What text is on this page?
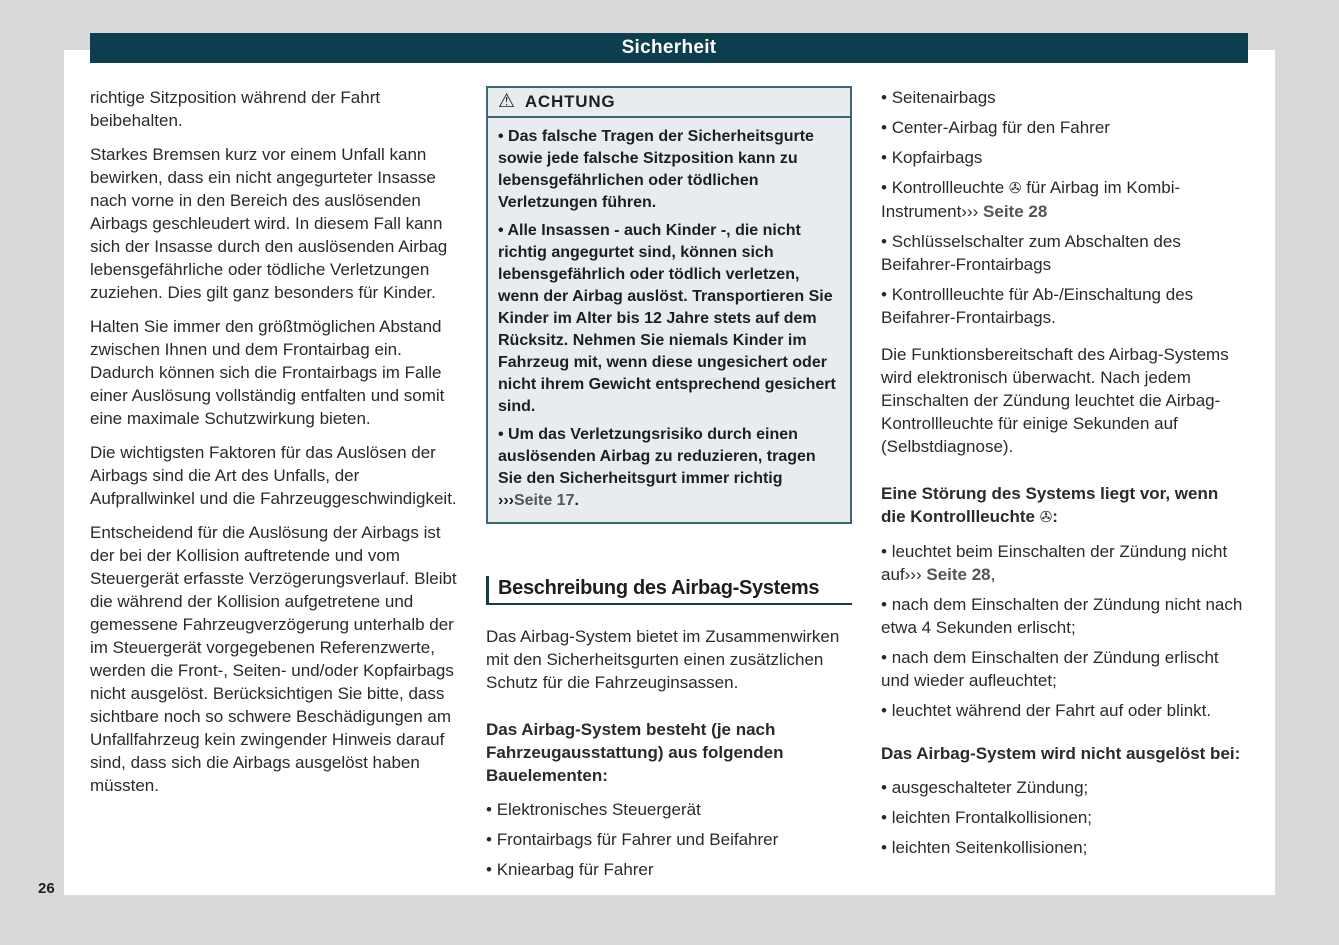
Sicherheit
26

richtige Sitzposition während der Fahrt beibehalten.

Starkes Bremsen kurz vor einem Unfall kann bewirken, dass ein nicht angegurteter Insasse nach vorne in den Bereich des auslösenden Airbags geschleudert wird. In diesem Fall kann sich der Insasse durch den auslösenden Airbag lebensgefährliche oder tödliche Verletzungen zuziehen. Dies gilt ganz besonders für Kinder.

Halten Sie immer den größtmöglichen Abstand zwischen Ihnen und dem Frontairbag ein. Dadurch können sich die Frontairbags im Falle einer Auslösung vollständig entfalten und somit eine maximale Schutzwirkung bieten.

Die wichtigsten Faktoren für das Auslösen der Airbags sind die Art des Unfalls, der Aufprallwinkel und die Fahrzeuggeschwindigkeit.

Entscheidend für die Auslösung der Airbags ist der bei der Kollision auftretende und vom Steuergerät erfasste Verzögerungsverlauf. Bleibt die während der Kollision aufgetretene und gemessene Fahrzeugverzögerung unterhalb der im Steuergerät vorgegebenen Referenzwerte, werden die Front-, Seiten- und/oder Kopfairbags nicht ausgelöst. Berücksichtigen Sie bitte, dass sichtbare noch so schwere Beschädigungen am Unfallfahrzeug kein zwingender Hinweis darauf sind, dass sich die Airbags ausgelöst haben müssten.

⚠ ACHTUNG

• Das falsche Tragen der Sicherheitsgurte sowie jede falsche Sitzposition kann zu lebensgefährlichen oder tödlichen Verletzungen führen.

• Alle Insassen - auch Kinder -, die nicht richtig angegurtet sind, können sich lebensgefährlich oder tödlich verletzen, wenn der Airbag auslöst. Transportieren Sie Kinder im Alter bis 12 Jahre stets auf dem Rücksitz. Nehmen Sie niemals Kinder im Fahrzeug mit, wenn diese ungesichert oder nicht ihrem Gewicht entsprechend gesichert sind.

• Um das Verletzungsrisiko durch einen auslösenden Airbag zu reduzieren, tragen Sie den Sicherheitsgurt immer richtig ›››Seite 17.

Beschreibung des Airbag-Systems

Das Airbag-System bietet im Zusammenwirken mit den Sicherheitsgurten einen zusätzlichen Schutz für die Fahrzeuginsassen.

Das Airbag-System besteht (je nach Fahrzeugausstattung) aus folgenden Bauelementen:

• Elektronisches Steuergerät
• Frontairbags für Fahrer und Beifahrer
• Kniearbag für Fahrer
• Seitenairbags
• Center-Airbag für den Fahrer
• Kopfairbags
• Kontrollleuchte ✇ für Airbag im Kombi-Instrument››› Seite 28
• Schlüsselschalter zum Abschalten des Beifahrer-Frontairbags
• Kontrollleuchte für Ab-/Einschaltung des Beifahrer-Frontairbags.

Die Funktionsbereitschaft des Airbag-Systems wird elektronisch überwacht. Nach jedem Einschalten der Zündung leuchtet die Airbag-Kontrollleuchte für einige Sekunden auf (Selbstdiagnose).

Eine Störung des Systems liegt vor, wenn die Kontrollleuchte ✇:

• leuchtet beim Einschalten der Zündung nicht auf››› Seite 28,
• nach dem Einschalten der Zündung nicht nach etwa 4 Sekunden erlischt;
• nach dem Einschalten der Zündung erlischt und wieder aufleuchtet;
• leuchtet während der Fahrt auf oder blinkt.

Das Airbag-System wird nicht ausgelöst bei:

• ausgeschalteter Zündung;
• leichten Frontalkollisionen;
• leichten Seitenkollisionen;
